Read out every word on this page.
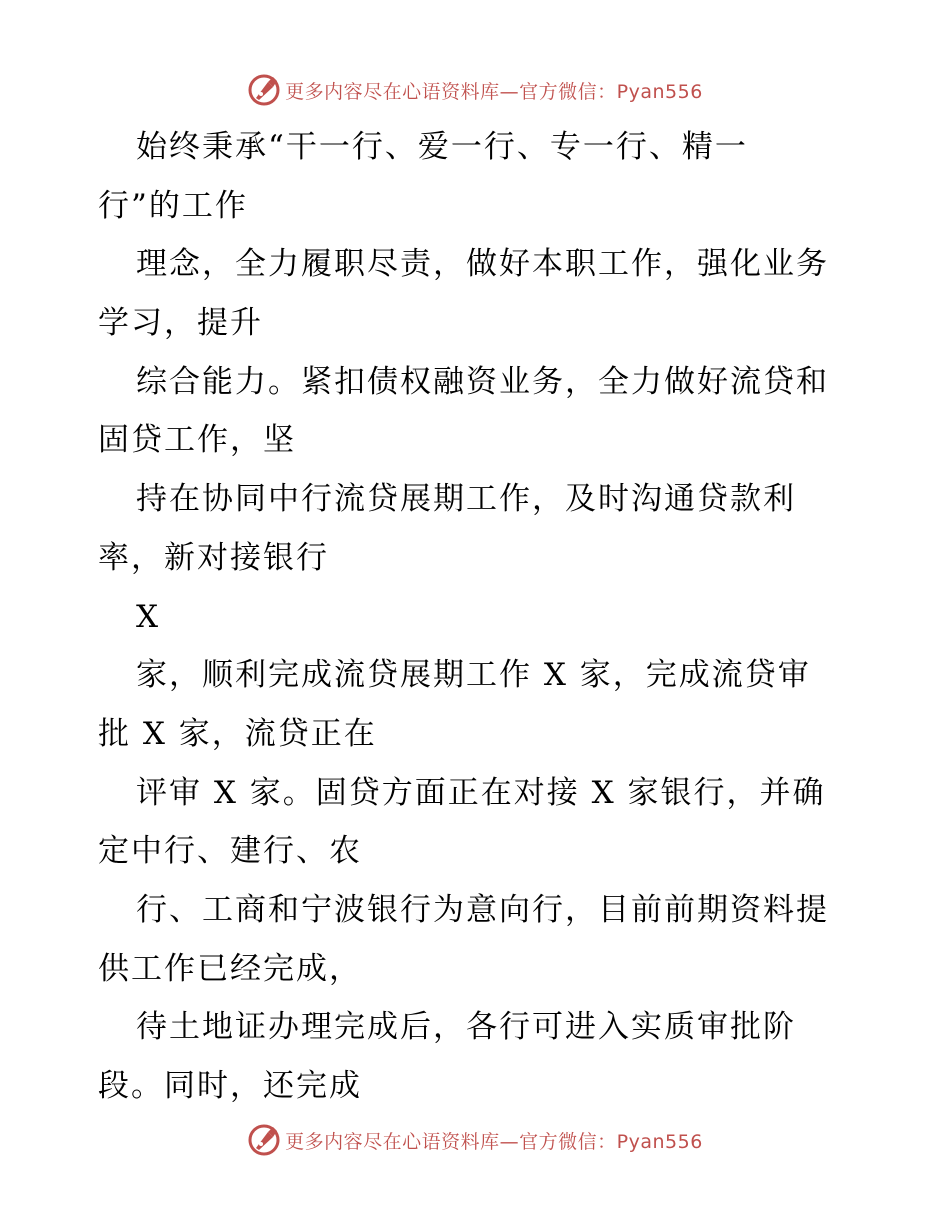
更多内容尽在心语资料库—官方微信：Pyan556
始终秉承“干一行、爱一行、专一行、精一
行”的工作
理念，全力履职尽责，做好本职工作，强化业务
学习，提升
综合能力。紧扣债权融资业务，全力做好流贷和
固贷工作，坚
持在协同中行流贷展期工作，及时沟通贷款利
率，新对接银行
X
家，顺利完成流贷展期工作 X 家，完成流贷审
批 X 家，流贷正在
评审 X 家。固贷方面正在对接 X 家银行，并确
定中行、建行、农
行、工商和宁波银行为意向行，目前前期资料提
供工作已经完成，
待土地证办理完成后，各行可进入实质审批阶
段。同时，还完成
更多内容尽在心语资料库—官方微信：Pyan556
